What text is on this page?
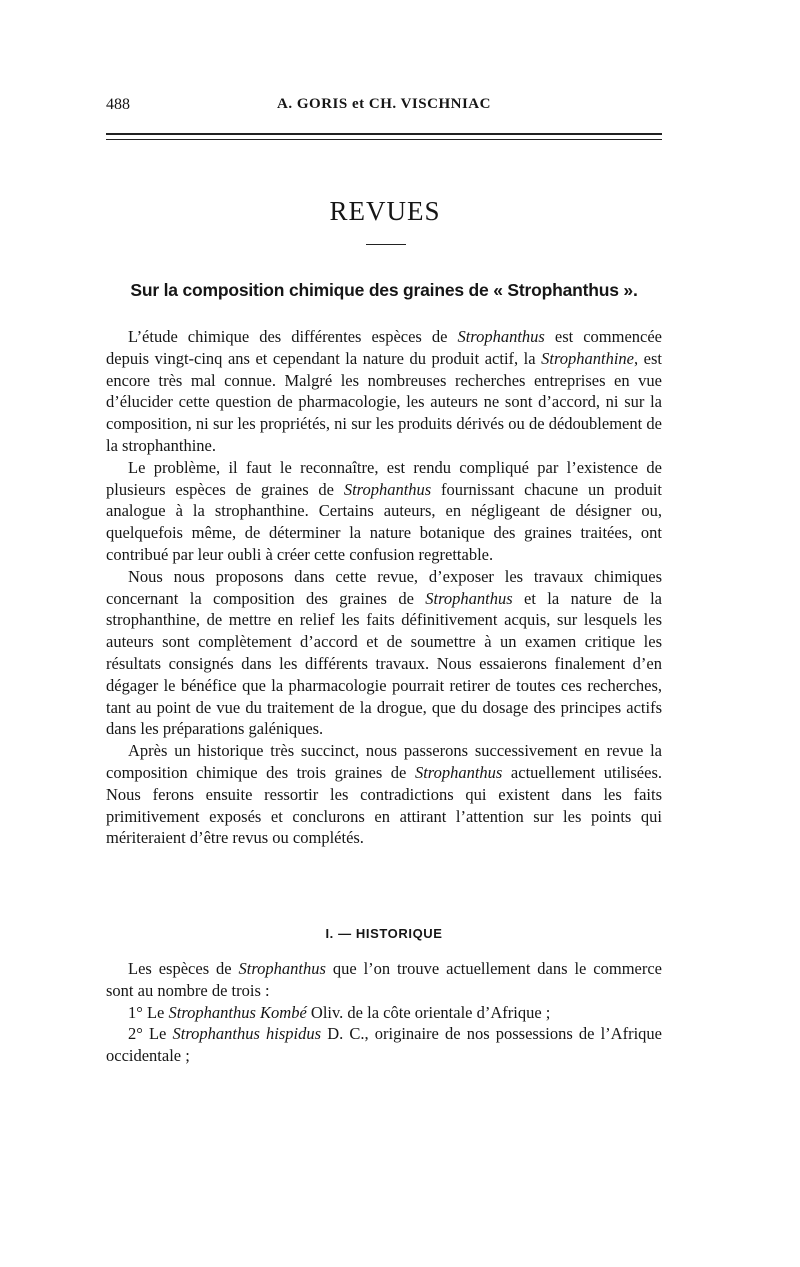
488	A. GORIS et CH. VISCHNIAC
REVUES
Sur la composition chimique des graines de « Strophanthus ».

L’étude chimique des différentes espèces de Strophanthus est commencée depuis vingt-cinq ans et cependant la nature du produit actif, la Strophanthine, est encore très mal connue. Malgré les nombreuses recherches entreprises en vue d’élucider cette question de pharmacologie, les auteurs ne sont d’accord, ni sur la composition, ni sur les propriétés, ni sur les produits dérivés ou de dédoublement de la strophanthine.

Le problème, il faut le reconnaître, est rendu compliqué par l’existence de plusieurs espèces de graines de Strophanthus fournissant chacune un produit analogue à la strophanthine. Certains auteurs, en négligeant de désigner ou, quelquefois même, de déterminer la nature botanique des graines traitées, ont contribué par leur oubli à créer cette confusion regrettable.

Nous nous proposons dans cette revue, d’exposer les travaux chimiques concernant la composition des graines de Strophanthus et la nature de la strophanthine, de mettre en relief les faits définitivement acquis, sur lesquels les auteurs sont complètement d’accord et de soumettre à un examen critique les résultats consignés dans les différents travaux. Nous essaierons finalement d’en dégager le bénéfice que la pharmacologie pourrait retirer de toutes ces recherches, tant au point de vue du traitement de la drogue, que du dosage des principes actifs dans les préparations galéniques.

Après un historique très succinct, nous passerons successivement en revue la composition chimique des trois graines de Strophanthus actuellement utilisées. Nous ferons ensuite ressortir les contradictions qui existent dans les faits primitivement exposés et conclurons en attirant l’attention sur les points qui mériteraient d’être revus ou complétés.

I. — HISTORIQUE

Les espèces de Strophanthus que l’on trouve actuellement dans le commerce sont au nombre de trois :

1° Le Strophanthus Kombé Oliv. de la côte orientale d’Afrique ;

2° Le Strophanthus hispidus D. C., originaire de nos possessions de l’Afrique occidentale ;
